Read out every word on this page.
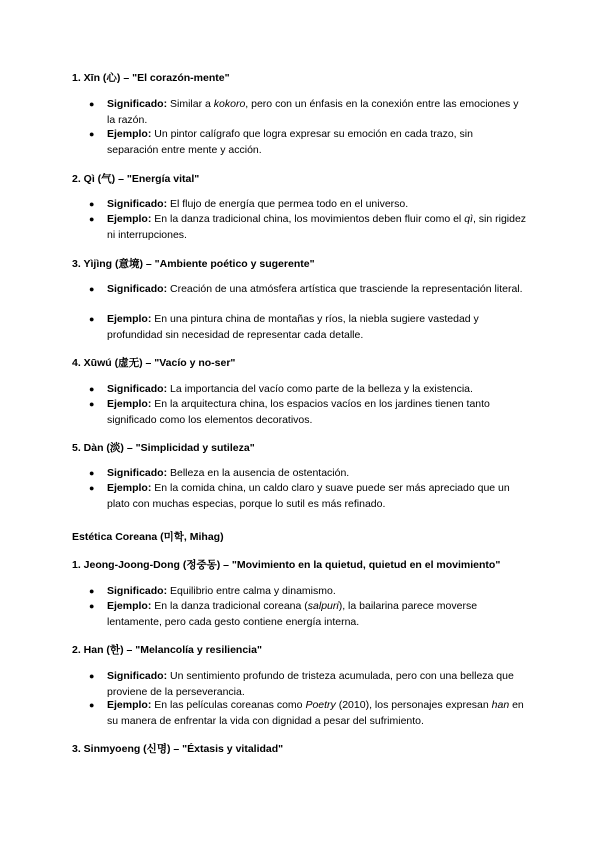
1. Xīn (心) – "El corazón-mente"
● Significado: Similar a kokoro, pero con un énfasis en la conexión entre las emociones y la razón.
● Ejemplo: Un pintor calígrafo que logra expresar su emoción en cada trazo, sin separación entre mente y acción.
2. Qì (气) – "Energía vital"
● Significado: El flujo de energía que permea todo en el universo.
● Ejemplo: En la danza tradicional china, los movimientos deben fluir como el qì, sin rigidez ni interrupciones.
3. Yìjìng (意境) – "Ambiente poético y sugerente"
● Significado: Creación de una atmósfera artística que trasciende la representación literal.
● Ejemplo: En una pintura china de montañas y ríos, la niebla sugiere vastedad y profundidad sin necesidad de representar cada detalle.
4. Xūwú (虚无) – "Vacío y no-ser"
● Significado: La importancia del vacío como parte de la belleza y la existencia.
● Ejemplo: En la arquitectura china, los espacios vacíos en los jardines tienen tanto significado como los elementos decorativos.
5. Dàn (淡) – "Simplicidad y sutileza"
● Significado: Belleza en la ausencia de ostentación.
● Ejemplo: En la comida china, un caldo claro y suave puede ser más apreciado que un plato con muchas especias, porque lo sutil es más refinado.
Estética Coreana (미학, Mihag)
1. Jeong-Joong-Dong (정중동) – "Movimiento en la quietud, quietud en el movimiento"
● Significado: Equilibrio entre calma y dinamismo.
● Ejemplo: En la danza tradicional coreana (salpuri), la bailarina parece moverse lentamente, pero cada gesto contiene energía interna.
2. Han (한) – "Melancolía y resiliencia"
● Significado: Un sentimiento profundo de tristeza acumulada, pero con una belleza que proviene de la perseverancia.
● Ejemplo: En las películas coreanas como Poetry (2010), los personajes expresan han en su manera de enfrentar la vida con dignidad a pesar del sufrimiento.
3. Sinmyoeng (신명) – "Éxtasis y vitalidad"
